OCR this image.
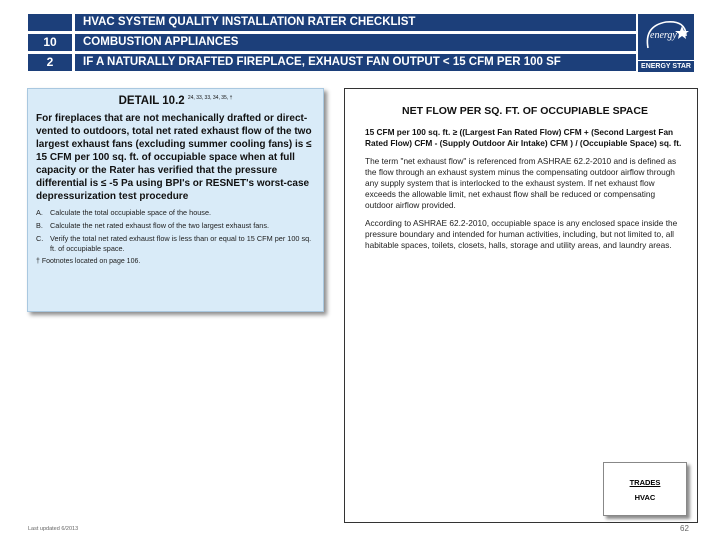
HVAC SYSTEM QUALITY INSTALLATION RATER CHECKLIST
10	COMBUSTION APPLIANCES
2	IF A NATURALLY DRAFTED FIREPLACE, EXHAUST FAN OUTPUT < 15 CFM PER 100 SF
energy
ENERGY STAR
DETAIL 10.2 $^{24, 33, 33, 34, 35, \dagger}$
For fireplaces that are not mechanically drafted or direct-vented to outdoors, total net rated exhaust flow of the two largest exhaust fans (excluding summer cooling fans) is ≤ 15 CFM per 100 sq. ft. of occupiable space when at full capacity or the Rater has verified that the pressure differential is ≤ -5 Pa using BPI's or RESNET's worst-case depressurization test procedure
A. Calculate the total occupiable space of the house.
B. Calculate the net rated exhaust flow of the two largest exhaust fans.
C. Verify the total net rated exhaust flow is less than or equal to 15 CFM per 100 sq. ft. of occupiable space.
† Footnotes located on page 106.
NET FLOW PER SQ. FT. OF OCCUPIABLE SPACE
15 CFM per 100 sq. ft. ≥ ((Largest Fan Rated Flow) CFM + (Second Largest Fan Rated Flow) CFM - (Supply Outdoor Air Intake) CFM ) / (Occupiable Space) sq. ft.

The term "net exhaust flow" is referenced from ASHRAE 62.2-2010 and is defined as the flow through an exhaust system minus the compensating outdoor airflow through any supply system that is interlocked to the exhaust system. If net exhaust flow exceeds the allowable limit, net exhaust flow shall be reduced or compensating outdoor airflow provided.

According to ASHRAE 62.2-2010, occupiable space is any enclosed space inside the pressure boundary and intended for human activities, including, but not limited to, all habitable spaces, toilets, closets, halls, storage and utility areas, and laundry areas.

TRADES
HVAC
Last updated 6/2013	62
